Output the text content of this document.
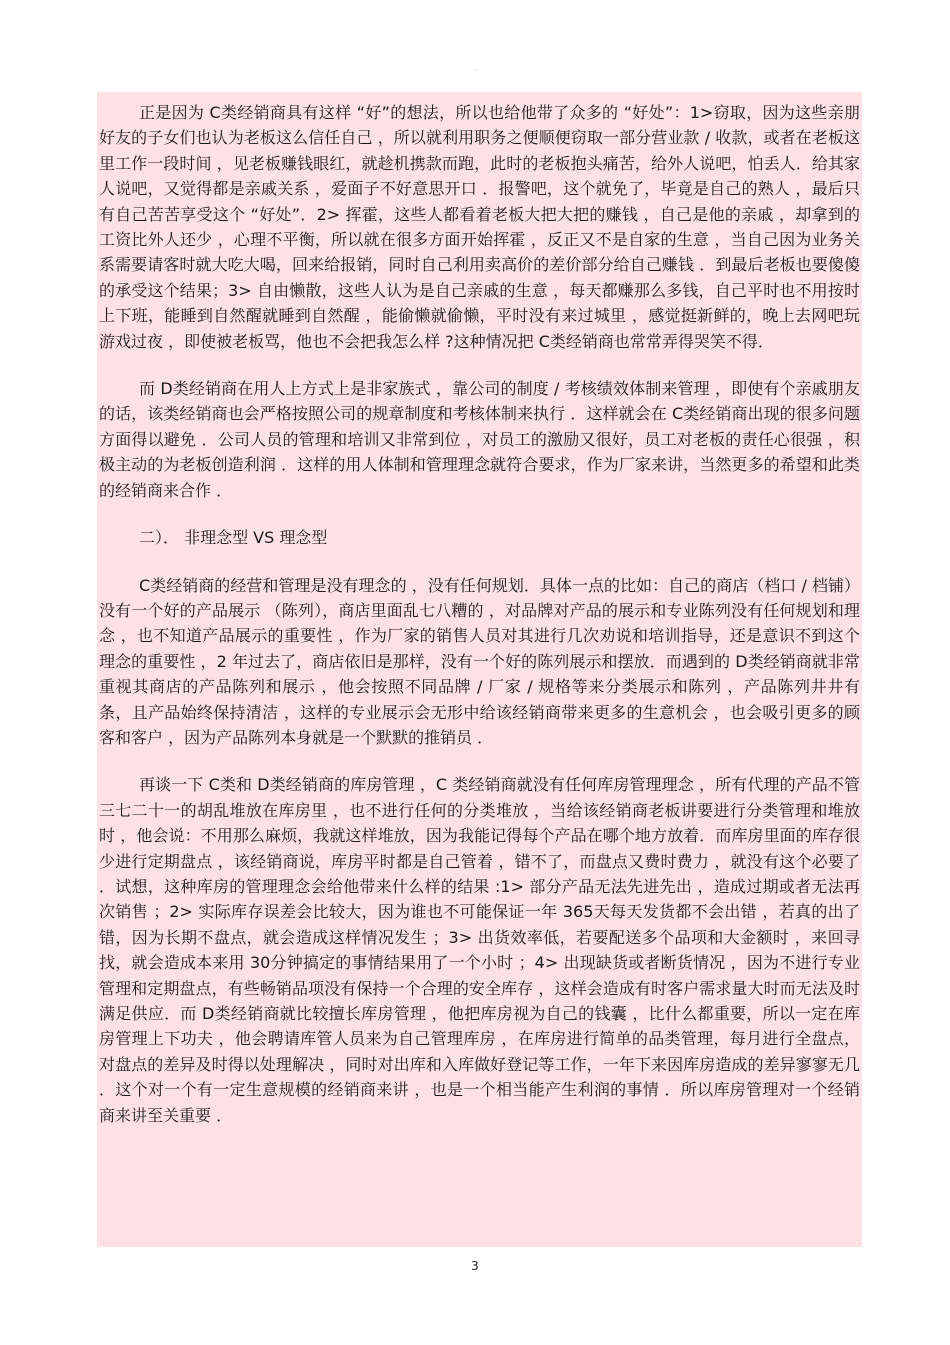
·

正是因为 C类经销商具有这样 “好”的想法，所以也给他带了众多的 “好处”：1>窃取，因为这些亲朋好友的子女们也认为老板这么信任自己 ，所以就利用职务之便顺便窃取一部分营业款 / 收款，或者在老板这里工作一段时间 ，见老板赚钱眼红，就趁机携款而跑，此时的老板抱头痛苦，给外人说吧，怕丢人．给其家人说吧，又觉得都是亲戚关系 ，爱面子不好意思开口 ．报警吧，这个就免了，毕竟是自己的熟人 ，最后只有自己苦苦享受这个 “好处”．2> 挥霍，这些人都看着老板大把大把的赚钱 ，自己是他的亲戚 ，却拿到的工资比外人还少 ，心理不平衡，所以就在很多方面开始挥霍 ，反正又不是自家的生意 ，当自己因为业务关系需要请客时就大吃大喝，回来给报销，同时自己利用卖高价的差价部分给自己赚钱 ．到最后老板也要傻傻的承受这个结果；3> 自由懒散，这些人认为是自己亲戚的生意 ，每天都赚那么多钱，自己平时也不用按时上下班，能睡到自然醒就睡到自然醒 ，能偷懒就偷懒，平时没有来过城里 ，感觉挺新鲜的，晚上去网吧玩游戏过夜 ，即使被老板骂，他也不会把我怎么样 ?这种情况把 C类经销商也常常弄得哭笑不得．

而 D类经销商在用人上方式上是非家族式 ，靠公司的制度 / 考核绩效体制来管理 ，即使有个亲戚朋友的话，该类经销商也会严格按照公司的规章制度和考核体制来执行 ．这样就会在 C类经销商出现的很多问题方面得以避免 ．公司人员的管理和培训又非常到位 ，对员工的激励又很好，员工对老板的责任心很强 ，积极主动的为老板创造利润 ．这样的用人体制和管理理念就符合要求，作为厂家来讲，当然更多的希望和此类的经销商来合作 ．

二）． 非理念型 VS 理念型

C类经销商的经营和管理是没有理念的 ，没有任何规划．具体一点的比如：自己的商店（档口 / 档铺）没有一个好的产品展示 （陈列），商店里面乱七八糟的 ，对品牌对产品的展示和专业陈列没有任何规划和理念 ，也不知道产品展示的重要性 ，作为厂家的销售人员对其进行几次劝说和培训指导，还是意识不到这个理念的重要性 ，2 年过去了，商店依旧是那样，没有一个好的陈列展示和摆放．而遇到的 D类经销商就非常重视其商店的产品陈列和展示 ，他会按照不同品牌 / 厂家 / 规格等来分类展示和陈列 ，产品陈列井井有条，且产品始终保持清洁 ，这样的专业展示会无形中给该经销商带来更多的生意机会 ，也会吸引更多的顾客和客户 ，因为产品陈列本身就是一个默默的推销员 ．

再谈一下 C类和 D类经销商的库房管理 ，C 类经销商就没有任何库房管理理念 ，所有代理的产品不管三七二十一的胡乱堆放在库房里 ，也不进行任何的分类堆放 ，当给该经销商老板讲要进行分类管理和堆放时 ，他会说：不用那么麻烦，我就这样堆放，因为我能记得每个产品在哪个地方放着．而库房里面的库存很少进行定期盘点 ，该经销商说，库房平时都是自己管着 ，错不了，而盘点又费时费力 ，就没有这个必要了 ．试想，这种库房的管理理念会给他带来什么样的结果 :1> 部分产品无法先进先出 ，造成过期或者无法再次销售 ；2> 实际库存误差会比较大，因为谁也不可能保证一年 365天每天发货都不会出错 ，若真的出了错，因为长期不盘点，就会造成这样情况发生 ；3> 出货效率低，若要配送多个品项和大金额时 ，来回寻找，就会造成本来用 30分钟搞定的事情结果用了一个小时 ；4> 出现缺货或者断货情况 ，因为不进行专业管理和定期盘点，有些畅销品项没有保持一个合理的安全库存 ，这样会造成有时客户需求量大时而无法及时满足供应．而 D类经销商就比较擅长库房管理 ，他把库房视为自己的钱囊 ，比什么都重要，所以一定在库房管理上下功夫 ，他会聘请库管人员来为自己管理库房 ，在库房进行简单的品类管理，每月进行全盘点，对盘点的差异及时得以处理解决 ，同时对出库和入库做好登记等工作，一年下来因库房造成的差异寥寥无几 ．这个对一个有一定生意规模的经销商来讲 ，也是一个相当能产生利润的事情 ．所以库房管理对一个经销商来讲至关重要 ．

3
